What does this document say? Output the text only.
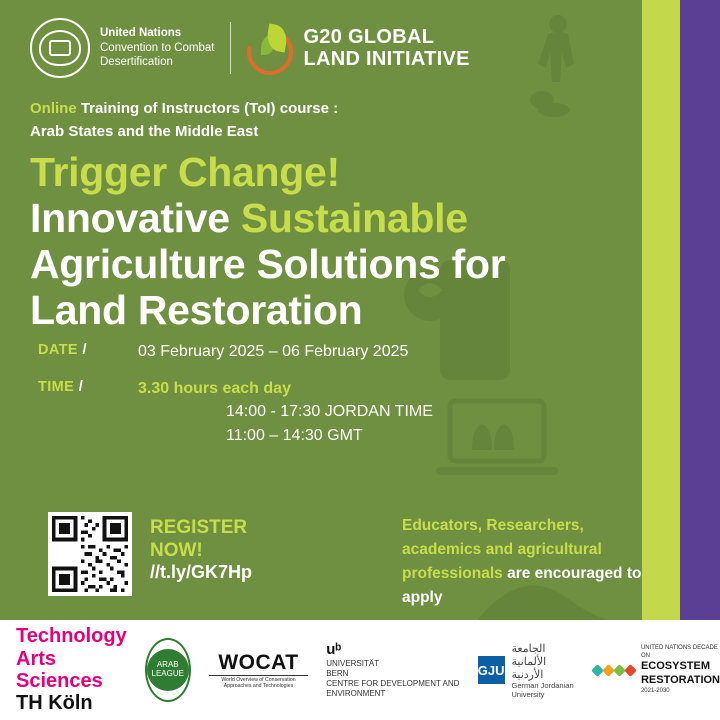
United Nations
Convention to Combat
Desertification
G20 GLOBAL
LAND INITIATIVE
Online Training of Instructors (ToI) course :
Arab States and the Middle East
Trigger Change!
Innovative Sustainable
Agriculture Solutions for
Land Restoration
DATE /	03 February 2025 – 06 February 2025
TIME /	3.30 hours each day
14:00 - 17:30 JORDAN TIME
11:00 – 14:30 GMT
REGISTER
NOW!
//t.ly/GK7Hp
Educators, Researchers, academics and agricultural professionals are encouraged to apply
Technology
Arts Sciences
TH Köln
ARAB LEAGUE	WOCAT
World Overview of Conservation Approaches and Technologies
uᵇ
UNIVERSITÄT
BERN
CENTRE FOR DEVELOPMENT AND ENVIRONMENT
GJU
الجامعة الألمانية الأردنية
German Jordanian University
UNITED NATIONS DECADE ON
ECOSYSTEM
RESTORATION
2021-2030
